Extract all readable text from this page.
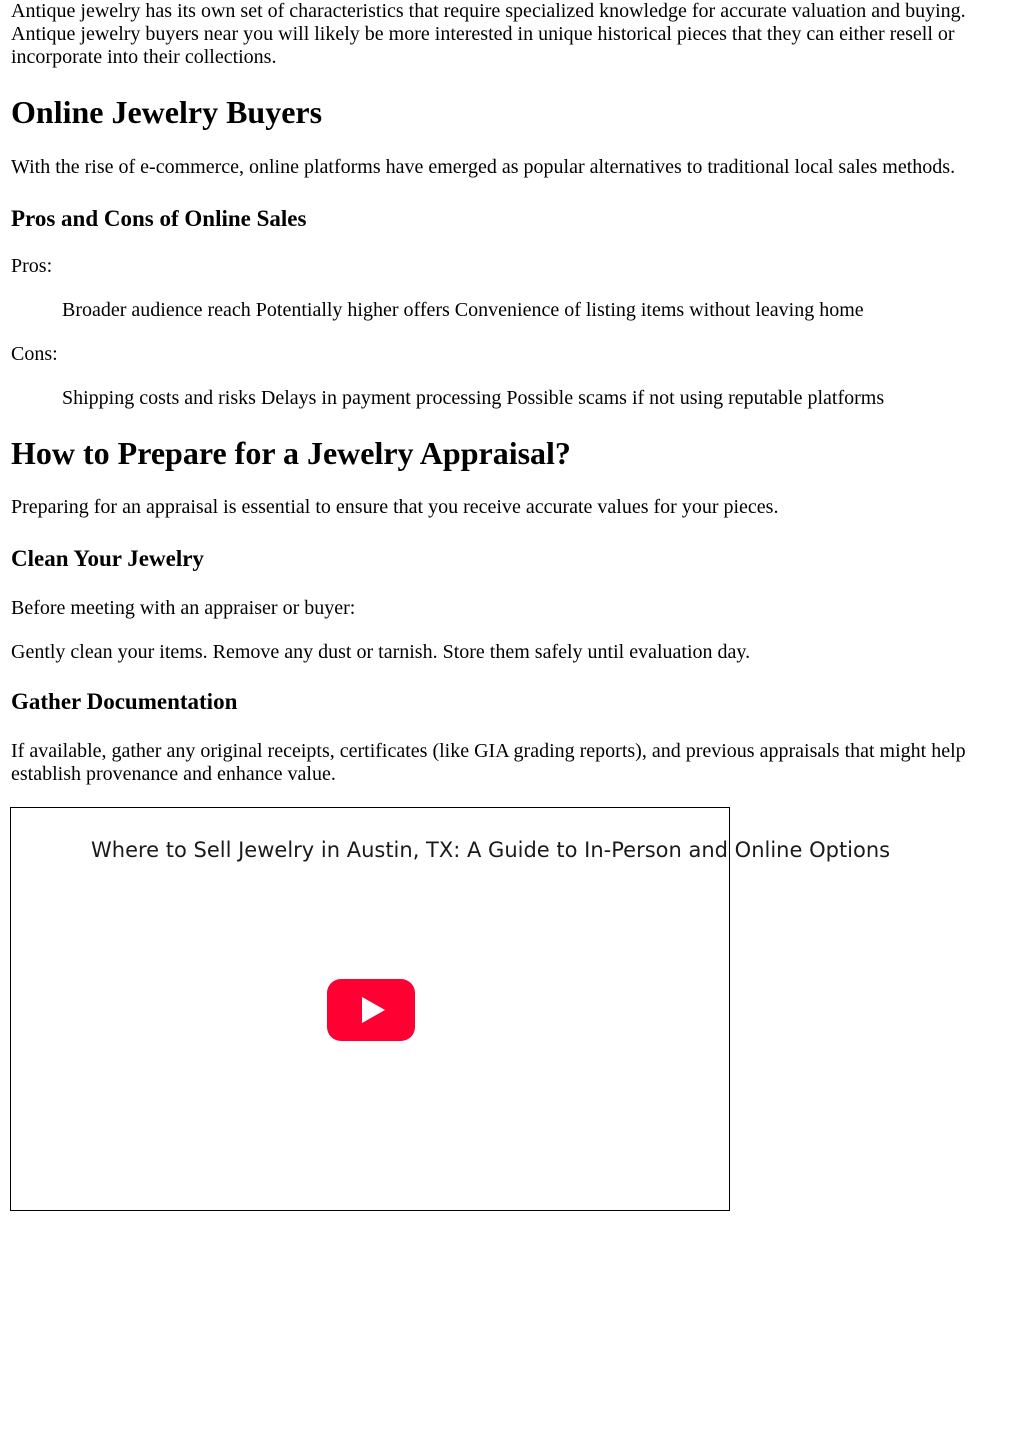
Antique jewelry has its own set of characteristics that require specialized knowledge for accurate valuation and buying. Antique jewelry buyers near you will likely be more interested in unique historical pieces that they can either resell or incorporate into their collections.

Online Jewelry Buyers

With the rise of e-commerce, online platforms have emerged as popular alternatives to traditional local sales methods.

Pros and Cons of Online Sales

Pros:

Broader audience reach Potentially higher offers Convenience of listing items without leaving home

Cons:

Shipping costs and risks Delays in payment processing Possible scams if not using reputable platforms

How to Prepare for a Jewelry Appraisal?

Preparing for an appraisal is essential to ensure that you receive accurate values for your pieces.

Clean Your Jewelry

Before meeting with an appraiser or buyer:

Gently clean your items. Remove any dust or tarnish. Store them safely until evaluation day.

Gather Documentation

If available, gather any original receipts, certificates (like GIA grading reports), and previous appraisals that might help establish provenance and enhance value.

Where to Sell Jewelry in Austin, TX: A Guide to In-Person and Online Options
